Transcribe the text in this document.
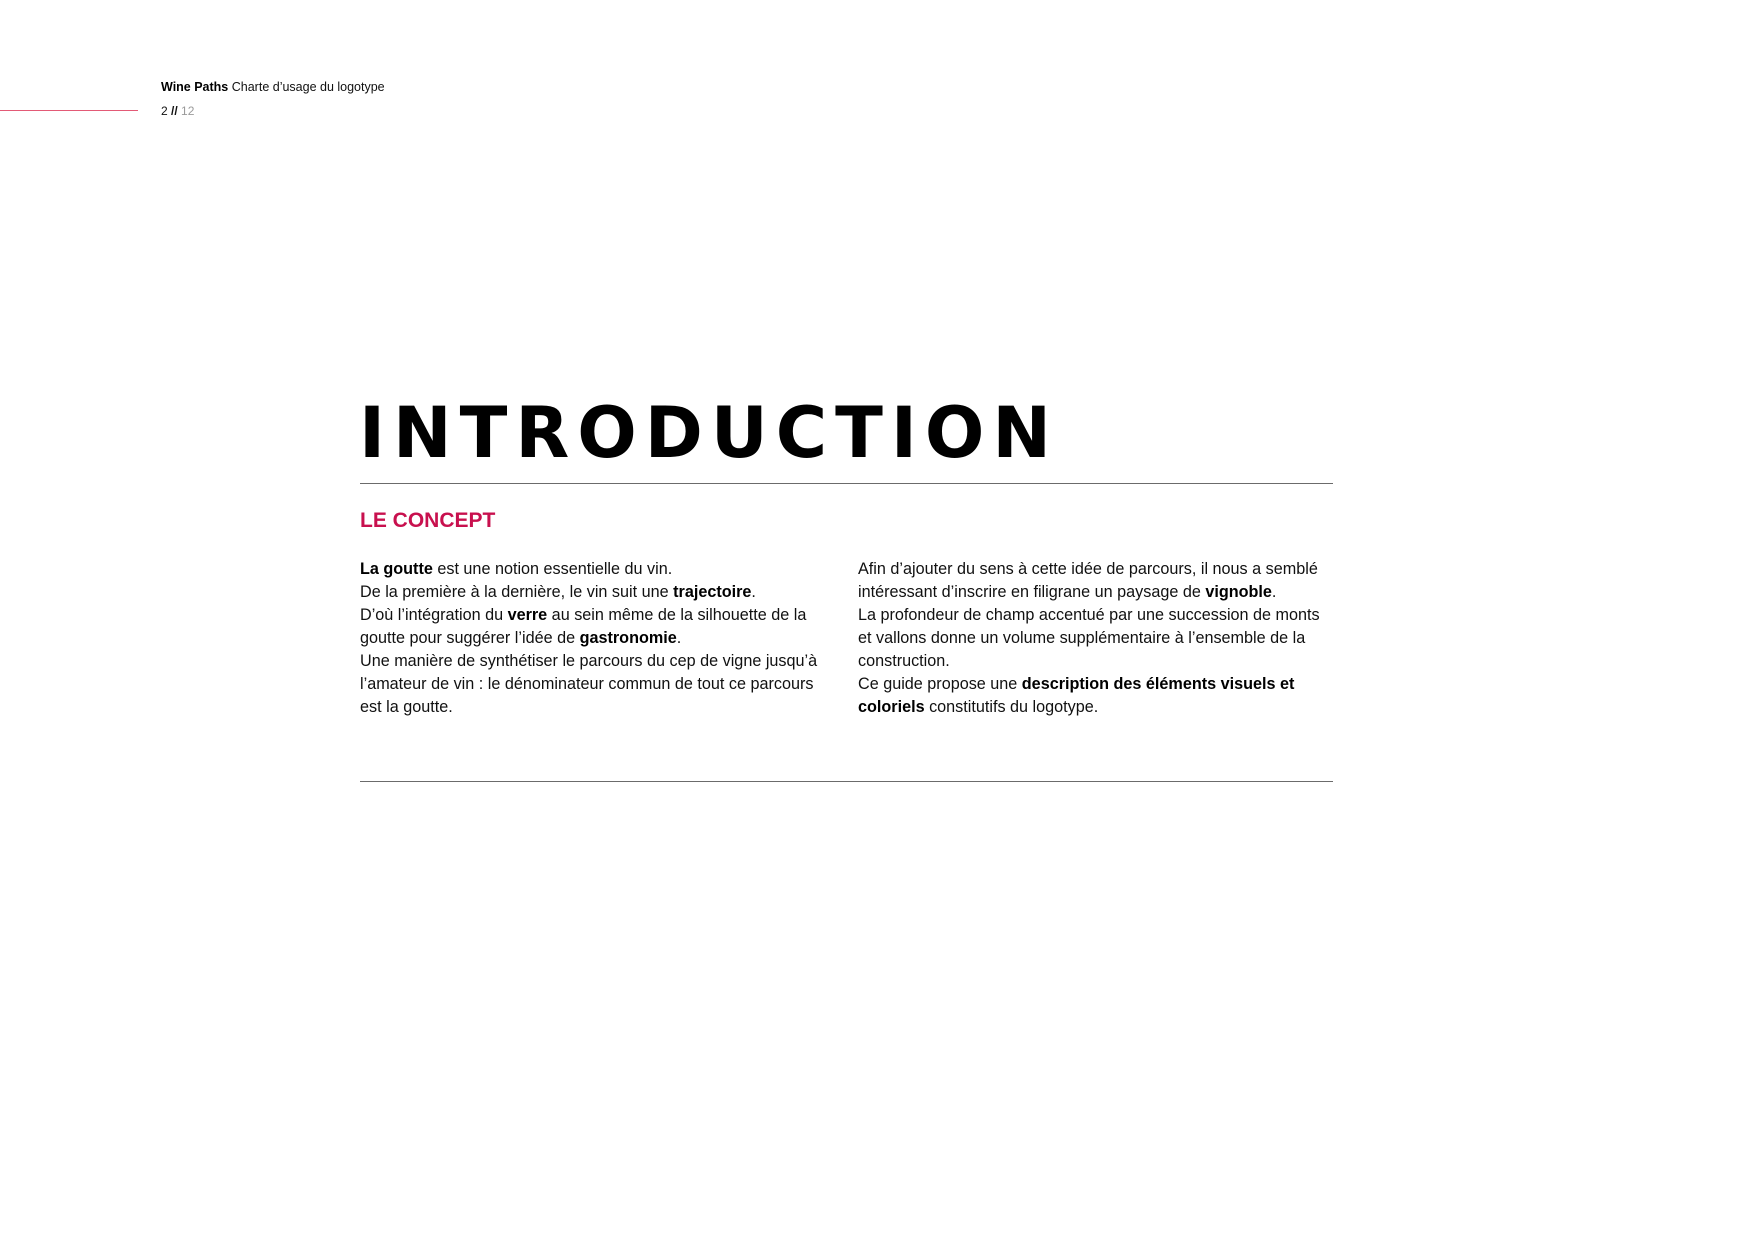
Wine Paths Charte d’usage du logotype
2 // 12
INTRODUCTION
LE CONCEPT

La goutte est une notion essentielle du vin.

De la première à la dernière, le vin suit une trajectoire.

D’où l’intégration du verre au sein même de la silhouette de la goutte pour suggérer l’idée de gastronomie.

Une manière de synthétiser le parcours du cep de vigne jusqu’à l’amateur de vin : le dénominateur commun de tout ce parcours est la goutte.

Afin d’ajouter du sens à cette idée de parcours, il nous a semblé intéressant d’inscrire en filigrane un paysage de vignoble.

La profondeur de champ accentué par une succession de monts et vallons donne un volume supplémentaire à l’ensemble de la construction.

Ce guide propose une description des éléments visuels et coloriels constitutifs du logotype.
